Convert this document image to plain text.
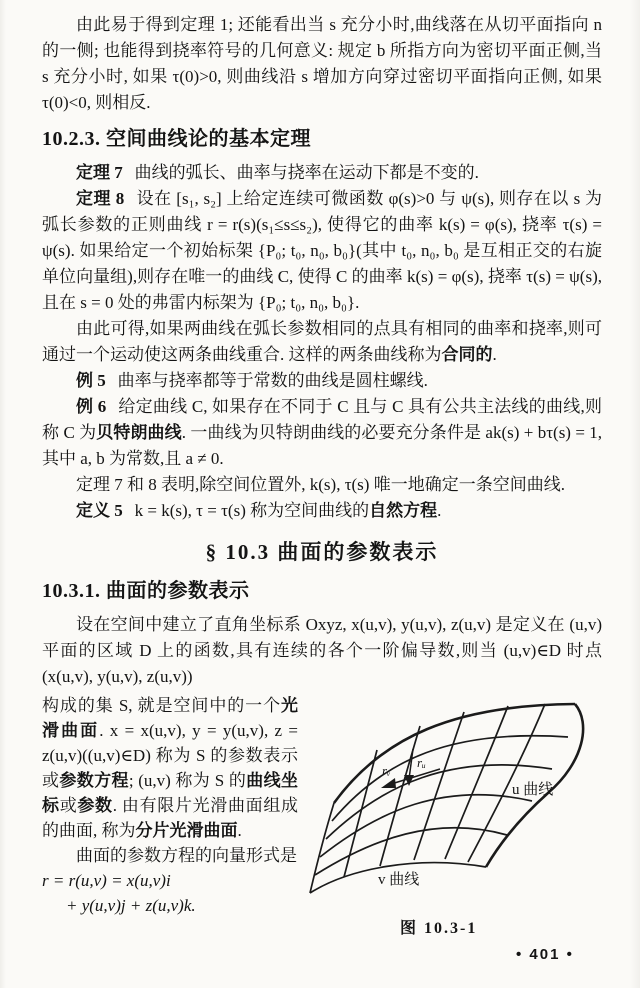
由此易于得到定理 1; 还能看出当 s 充分小时,曲线落在从切平面指向 n 的一侧; 也能得到挠率符号的几何意义: 规定 b 所指方向为密切平面正侧,当 s 充分小时, 如果 τ(0)>0, 则曲线沿 s 增加方向穿过密切平面指向正侧, 如果 τ(0)<0, 则相反.

10.2.3. 空间曲线论的基本定理

定理 7 曲线的弧长、曲率与挠率在运动下都是不变的.

定理 8 设在 [s₁, s₂] 上给定连续可微函数 φ(s)>0 与 ψ(s), 则存在以 s 为弧长参数的正则曲线 r = r(s)(s₁≤s≤s₂), 使得它的曲率 k(s) = φ(s), 挠率 τ(s) = ψ(s). 如果给定一个初始标架 {P₀; t₀, n₀, b₀}(其中 t₀, n₀, b₀ 是互相正交的右旋单位向量组),则存在唯一的曲线 C, 使得 C 的曲率 k(s) = φ(s), 挠率 τ(s) = ψ(s), 且在 s = 0 处的弗雷内标架为 {P₀; t₀, n₀, b₀}.

由此可得,如果两曲线在弧长参数相同的点具有相同的曲率和挠率,则可通过一个运动使这两条曲线重合. 这样的两条曲线称为合同的.

例 5 曲率与挠率都等于常数的曲线是圆柱螺线.

例 6 给定曲线 C, 如果存在不同于 C 且与 C 具有公共主法线的曲线,则称 C 为贝特朗曲线. 一曲线为贝特朗曲线的必要充分条件是 ak(s) + bτ(s) = 1, 其中 a, b 为常数,且 a ≠ 0.

定理 7 和 8 表明,除空间位置外, k(s), τ(s) 唯一地确定一条空间曲线.

定义 5 k = k(s), τ = τ(s) 称为空间曲线的自然方程.

§ 10.3 曲面的参数表示
10.3.1. 曲面的参数表示

设在空间中建立了直角坐标系 Oxyz, x(u,v), y(u,v), z(u,v) 是定义在 (u,v) 平面的区域 D 上的函数,具有连续的各个一阶偏导数,则当 (u,v)∈D 时点 (x(u,v), y(u,v), z(u,v))

构成的集 S, 就是空间中的一个光滑曲面. x = x(u,v), y = y(u,v), z = z(u,v)((u,v)∈D) 称为 S 的参数表示或参数方程; (u,v) 称为 S 的曲线坐标或参数. 由有限片光滑曲面组成的曲面, 称为分片光滑曲面.

曲面的参数方程的向量形式是

r = r(u,v) = x(u,v)i

+ y(u,v)j + z(u,v)k.

rᵥ
rᵤ
u 曲线
v 曲线
图 10.3-1
• 401 •
